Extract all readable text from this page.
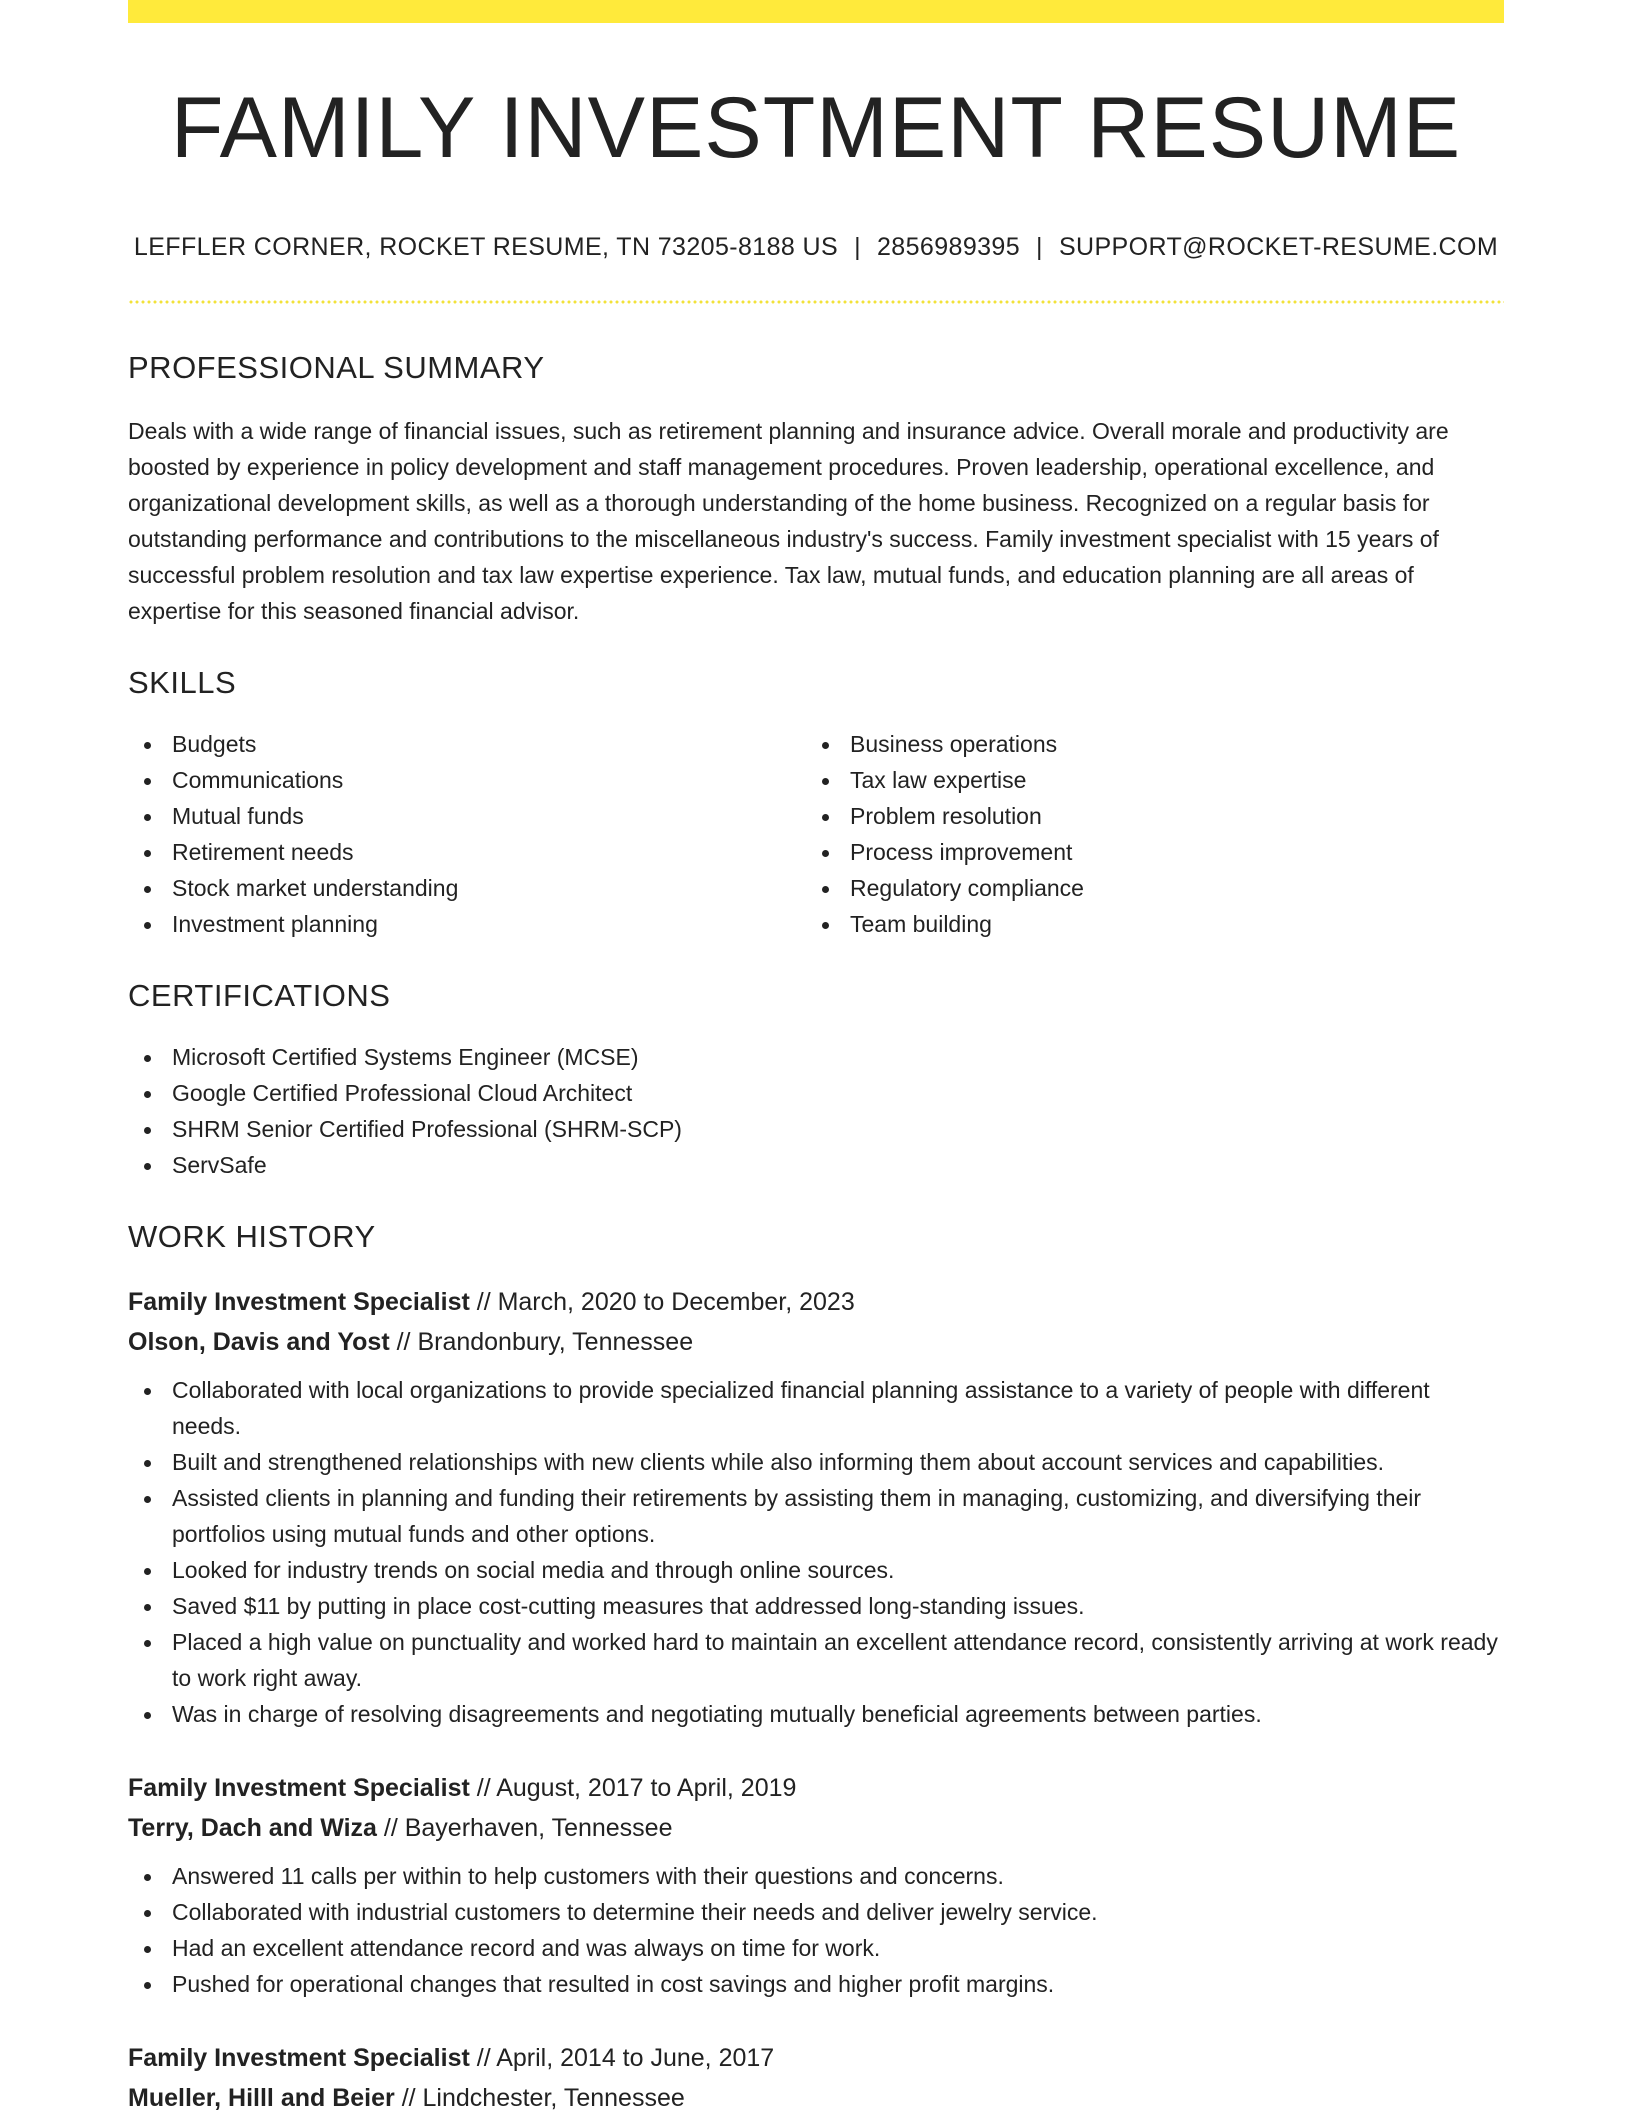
FAMILY INVESTMENT RESUME
LEFFLER CORNER, ROCKET RESUME, TN 73205-8188 US | 2856989395 | SUPPORT@ROCKET-RESUME.COM
PROFESSIONAL SUMMARY

Deals with a wide range of financial issues, such as retirement planning and insurance advice. Overall morale and productivity are boosted by experience in policy development and staff management procedures. Proven leadership, operational excellence, and organizational development skills, as well as a thorough understanding of the home business. Recognized on a regular basis for outstanding performance and contributions to the miscellaneous industry's success. Family investment specialist with 15 years of successful problem resolution and tax law expertise experience. Tax law, mutual funds, and education planning are all areas of expertise for this seasoned financial advisor.

SKILLS
Budgets
Communications
Mutual funds
Retirement needs
Stock market understanding
Investment planning
Business operations
Tax law expertise
Problem resolution
Process improvement
Regulatory compliance
Team building
CERTIFICATIONS
Microsoft Certified Systems Engineer (MCSE)
Google Certified Professional Cloud Architect
SHRM Senior Certified Professional (SHRM-SCP)
ServSafe
WORK HISTORY
Family Investment Specialist // March, 2020 to December, 2023
Olson, Davis and Yost // Brandonbury, Tennessee
Collaborated with local organizations to provide specialized financial planning assistance to a variety of people with different needs.
Built and strengthened relationships with new clients while also informing them about account services and capabilities.
Assisted clients in planning and funding their retirements by assisting them in managing, customizing, and diversifying their portfolios using mutual funds and other options.
Looked for industry trends on social media and through online sources.
Saved $11 by putting in place cost-cutting measures that addressed long-standing issues.
Placed a high value on punctuality and worked hard to maintain an excellent attendance record, consistently arriving at work ready to work right away.
Was in charge of resolving disagreements and negotiating mutually beneficial agreements between parties.
Family Investment Specialist // August, 2017 to April, 2019
Terry, Dach and Wiza // Bayerhaven, Tennessee
Answered 11 calls per within to help customers with their questions and concerns.
Collaborated with industrial customers to determine their needs and deliver jewelry service.
Had an excellent attendance record and was always on time for work.
Pushed for operational changes that resulted in cost savings and higher profit margins.
Family Investment Specialist // April, 2014 to June, 2017
Mueller, Hilll and Beier // Lindchester, Tennessee
